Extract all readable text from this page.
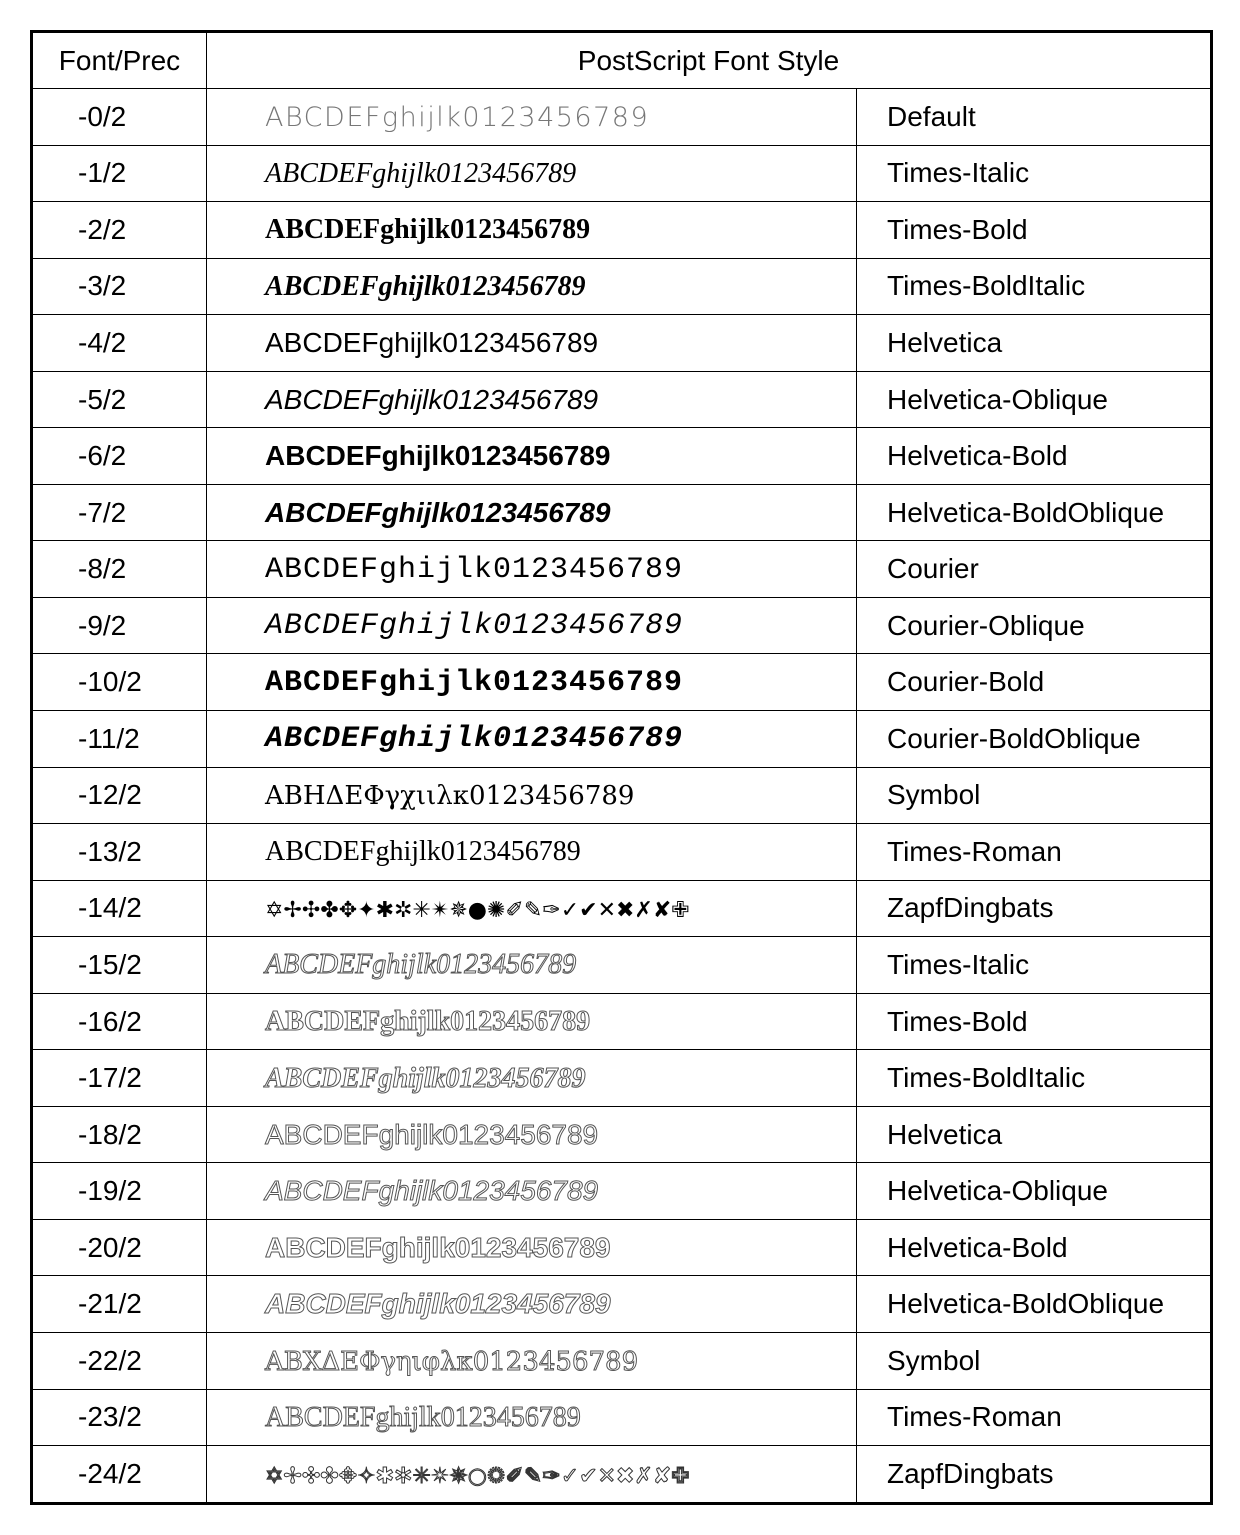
Font/Prec	PostScript Font Style	
-0/2	ABCDEFghijlk0123456789	Default
-1/2	ABCDEFghijlk0123456789	Times-Italic
-2/2	ABCDEFghijlk0123456789	Times-Bold
-3/2	ABCDEFghijlk0123456789	Times-BoldItalic
-4/2	ABCDEFghijlk0123456789	Helvetica
-5/2	ABCDEFghijlk0123456789	Helvetica-Oblique
-6/2	ABCDEFghijlk0123456789	Helvetica-Bold
-7/2	ABCDEFghijlk0123456789	Helvetica-BoldOblique
-8/2	ABCDEFghijlk0123456789	Courier
-9/2	ABCDEFghijlk0123456789	Courier-Oblique
-10/2	ABCDEFghijlk0123456789	Courier-Bold
-11/2	ABCDEFghijlk0123456789	Courier-BoldOblique
-12/2	ΑΒΗΔΕΦγχιιλκ0123456789	Symbol
-13/2	ABCDEFghijlk0123456789	Times-Roman
-14/2	✡✢✣✤✥✦✱✲✳✴✵●✺✐✎✑✓✔✕✖✗✘✙	ZapfDingbats
-15/2	ABCDEFghijlk0123456789	Times-Italic
-16/2	ABCDEFghijlk0123456789	Times-Bold
-17/2	ABCDEFghijlk0123456789	Times-BoldItalic
-18/2	ABCDEFghijlk0123456789	Helvetica
-19/2	ABCDEFghijlk0123456789	Helvetica-Oblique
-20/2	ABCDEFghijlk0123456789	Helvetica-Bold
-21/2	ABCDEFghijlk0123456789	Helvetica-BoldOblique
-22/2	ΑΒΧΔΕΦγηιφλκ0123456789	Symbol
-23/2	ABCDEFghijlk0123456789	Times-Roman
-24/2	✡✢✣✤✥✧✱✲✳✴✵○✺✐✎✑✓✔✕✖✗✘✙	ZapfDingbats
